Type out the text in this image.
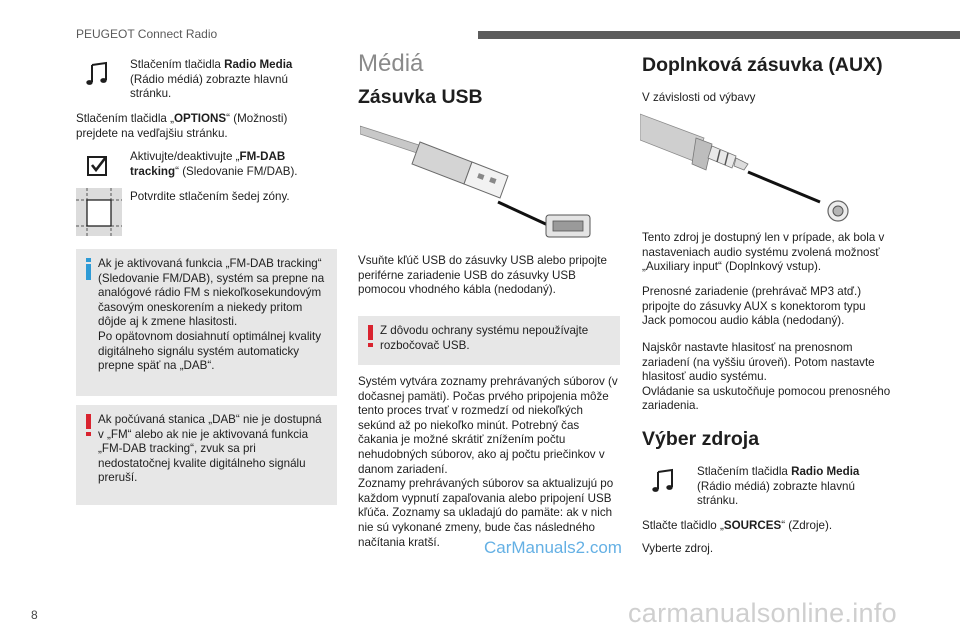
PEUGEOT Connect Radio

Stlačením tlačidla Radio Media (Rádio médiá) zobrazte hlavnú stránku.

Stlačením tlačidla „OPTIONS“ (Možnosti) prejdete na vedľajšiu stránku.

Aktivujte/deaktivujte „FM-DAB tracking“ (Sledovanie FM/DAB).

Potvrdite stlačením šedej zóny.

Ak je aktivovaná funkcia „FM-DAB tracking“ (Sledovanie FM/DAB), systém sa prepne na analógové rádio FM s niekoľkosekundovým časovým oneskorením a niekedy pritom dôjde aj k zmene hlasitosti.
Po opätovnom dosiahnutí optimálnej kvality digitálneho signálu systém automaticky prepne späť na „DAB“.

Ak počúvaná stanica „DAB“ nie je dostupná v „FM“ alebo ak nie je aktivovaná funkcia „FM-DAB tracking“, zvuk sa pri nedostatočnej kvalite digitálneho signálu preruší.

Médiá
Zásuvka USB

Vsuňte kľúč USB do zásuvky USB alebo pripojte periférne zariadenie USB do zásuvky USB pomocou vhodného kábla (nedodaný).

Z dôvodu ochrany systému nepoužívajte rozbočovač USB.

Systém vytvára zoznamy prehrávaných súborov (v dočasnej pamäti). Počas prvého pripojenia môže tento proces trvať v rozmedzí od niekoľkých sekúnd až po niekoľko minút. Potrebný čas čakania je možné skrátiť znížením počtu nehudobných súborov, ako aj počtu priečinkov v danom zariadení.
Zoznamy prehrávaných súborov sa aktualizujú po každom vypnutí zapaľovania alebo pripojení USB kľúča. Zoznamy sa ukladajú do pamäte: ak v nich nie sú vykonané zmeny, bude čas následného načítania kratší.

Doplnková zásuvka (AUX)

V závislosti od výbavy

Tento zdroj je dostupný len v prípade, ak bola v nastaveniach audio systému zvolená možnosť „Auxiliary input“ (Doplnkový vstup).

Prenosné zariadenie (prehrávač MP3 atď.) pripojte do zásuvky AUX s konektorom typu Jack pomocou audio kábla (nedodaný).

Najskôr nastavte hlasitosť na prenosnom zariadení (na vyššiu úroveň). Potom nastavte hlasitosť audio systému.
Ovládanie sa uskutočňuje pomocou prenosného zariadenia.

Výber zdroja

Stlačením tlačidla Radio Media (Rádio médiá) zobrazte hlavnú stránku.

Stlačte tlačidlo „SOURCES“ (Zdroje).

Vyberte zdroj.

CarManuals2.com
8	carmanualsonline.info
